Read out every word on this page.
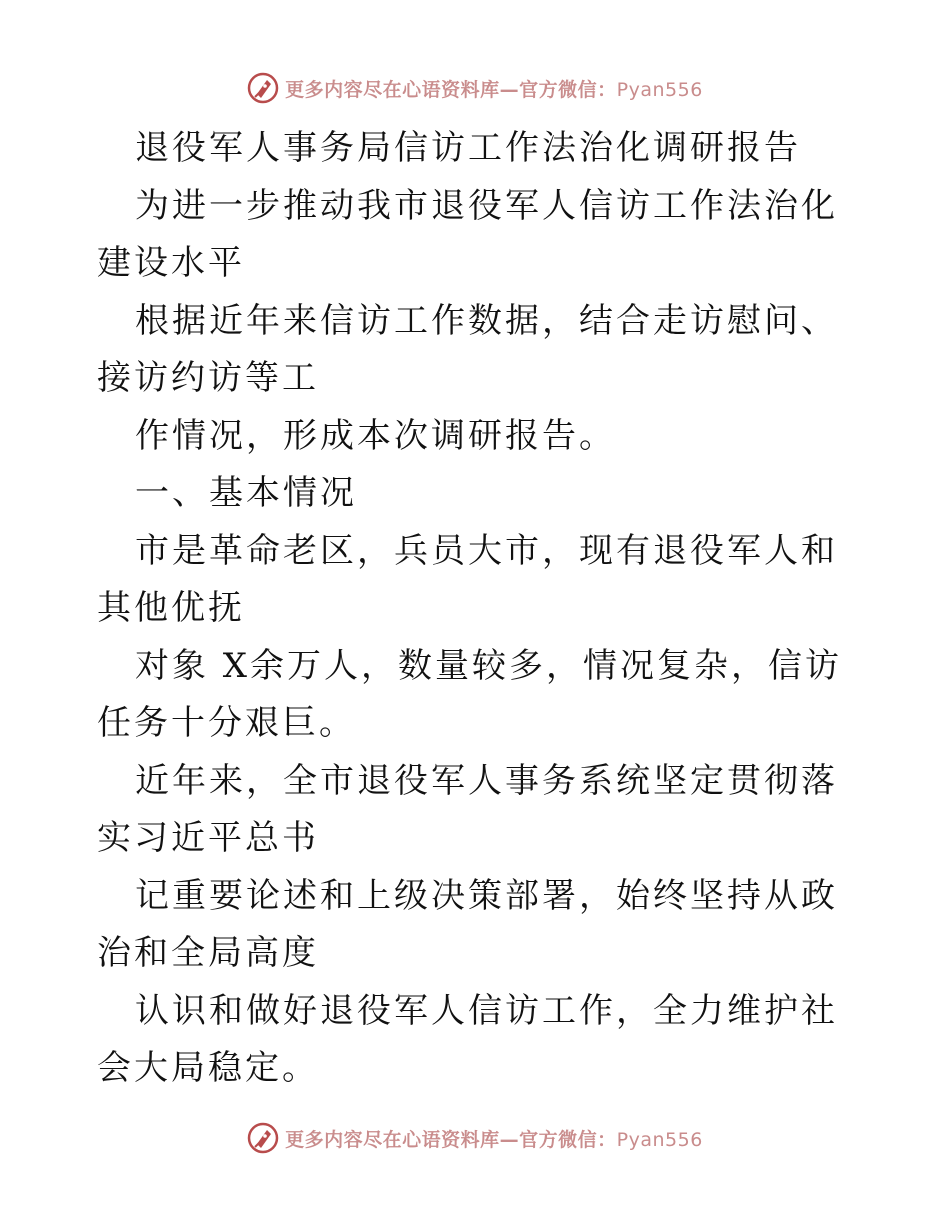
更多内容尽在心语资料库—官方微信：Pyan556

退役军人事务局信访工作法治化调研报告

为进一步推动我市退役军人信访工作法治化建设水平

根据近年来信访工作数据，结合走访慰问、接访约访等工

作情况，形成本次调研报告。

一、基本情况

市是革命老区，兵员大市，现有退役军人和其他优抚

对象 X余万人，数量较多，情况复杂，信访任务十分艰巨。

近年来，全市退役军人事务系统坚定贯彻落实习近平总书

记重要论述和上级决策部署，始终坚持从政治和全局高度

认识和做好退役军人信访工作，全力维护社会大局稳定。

更多内容尽在心语资料库—官方微信：Pyan556
